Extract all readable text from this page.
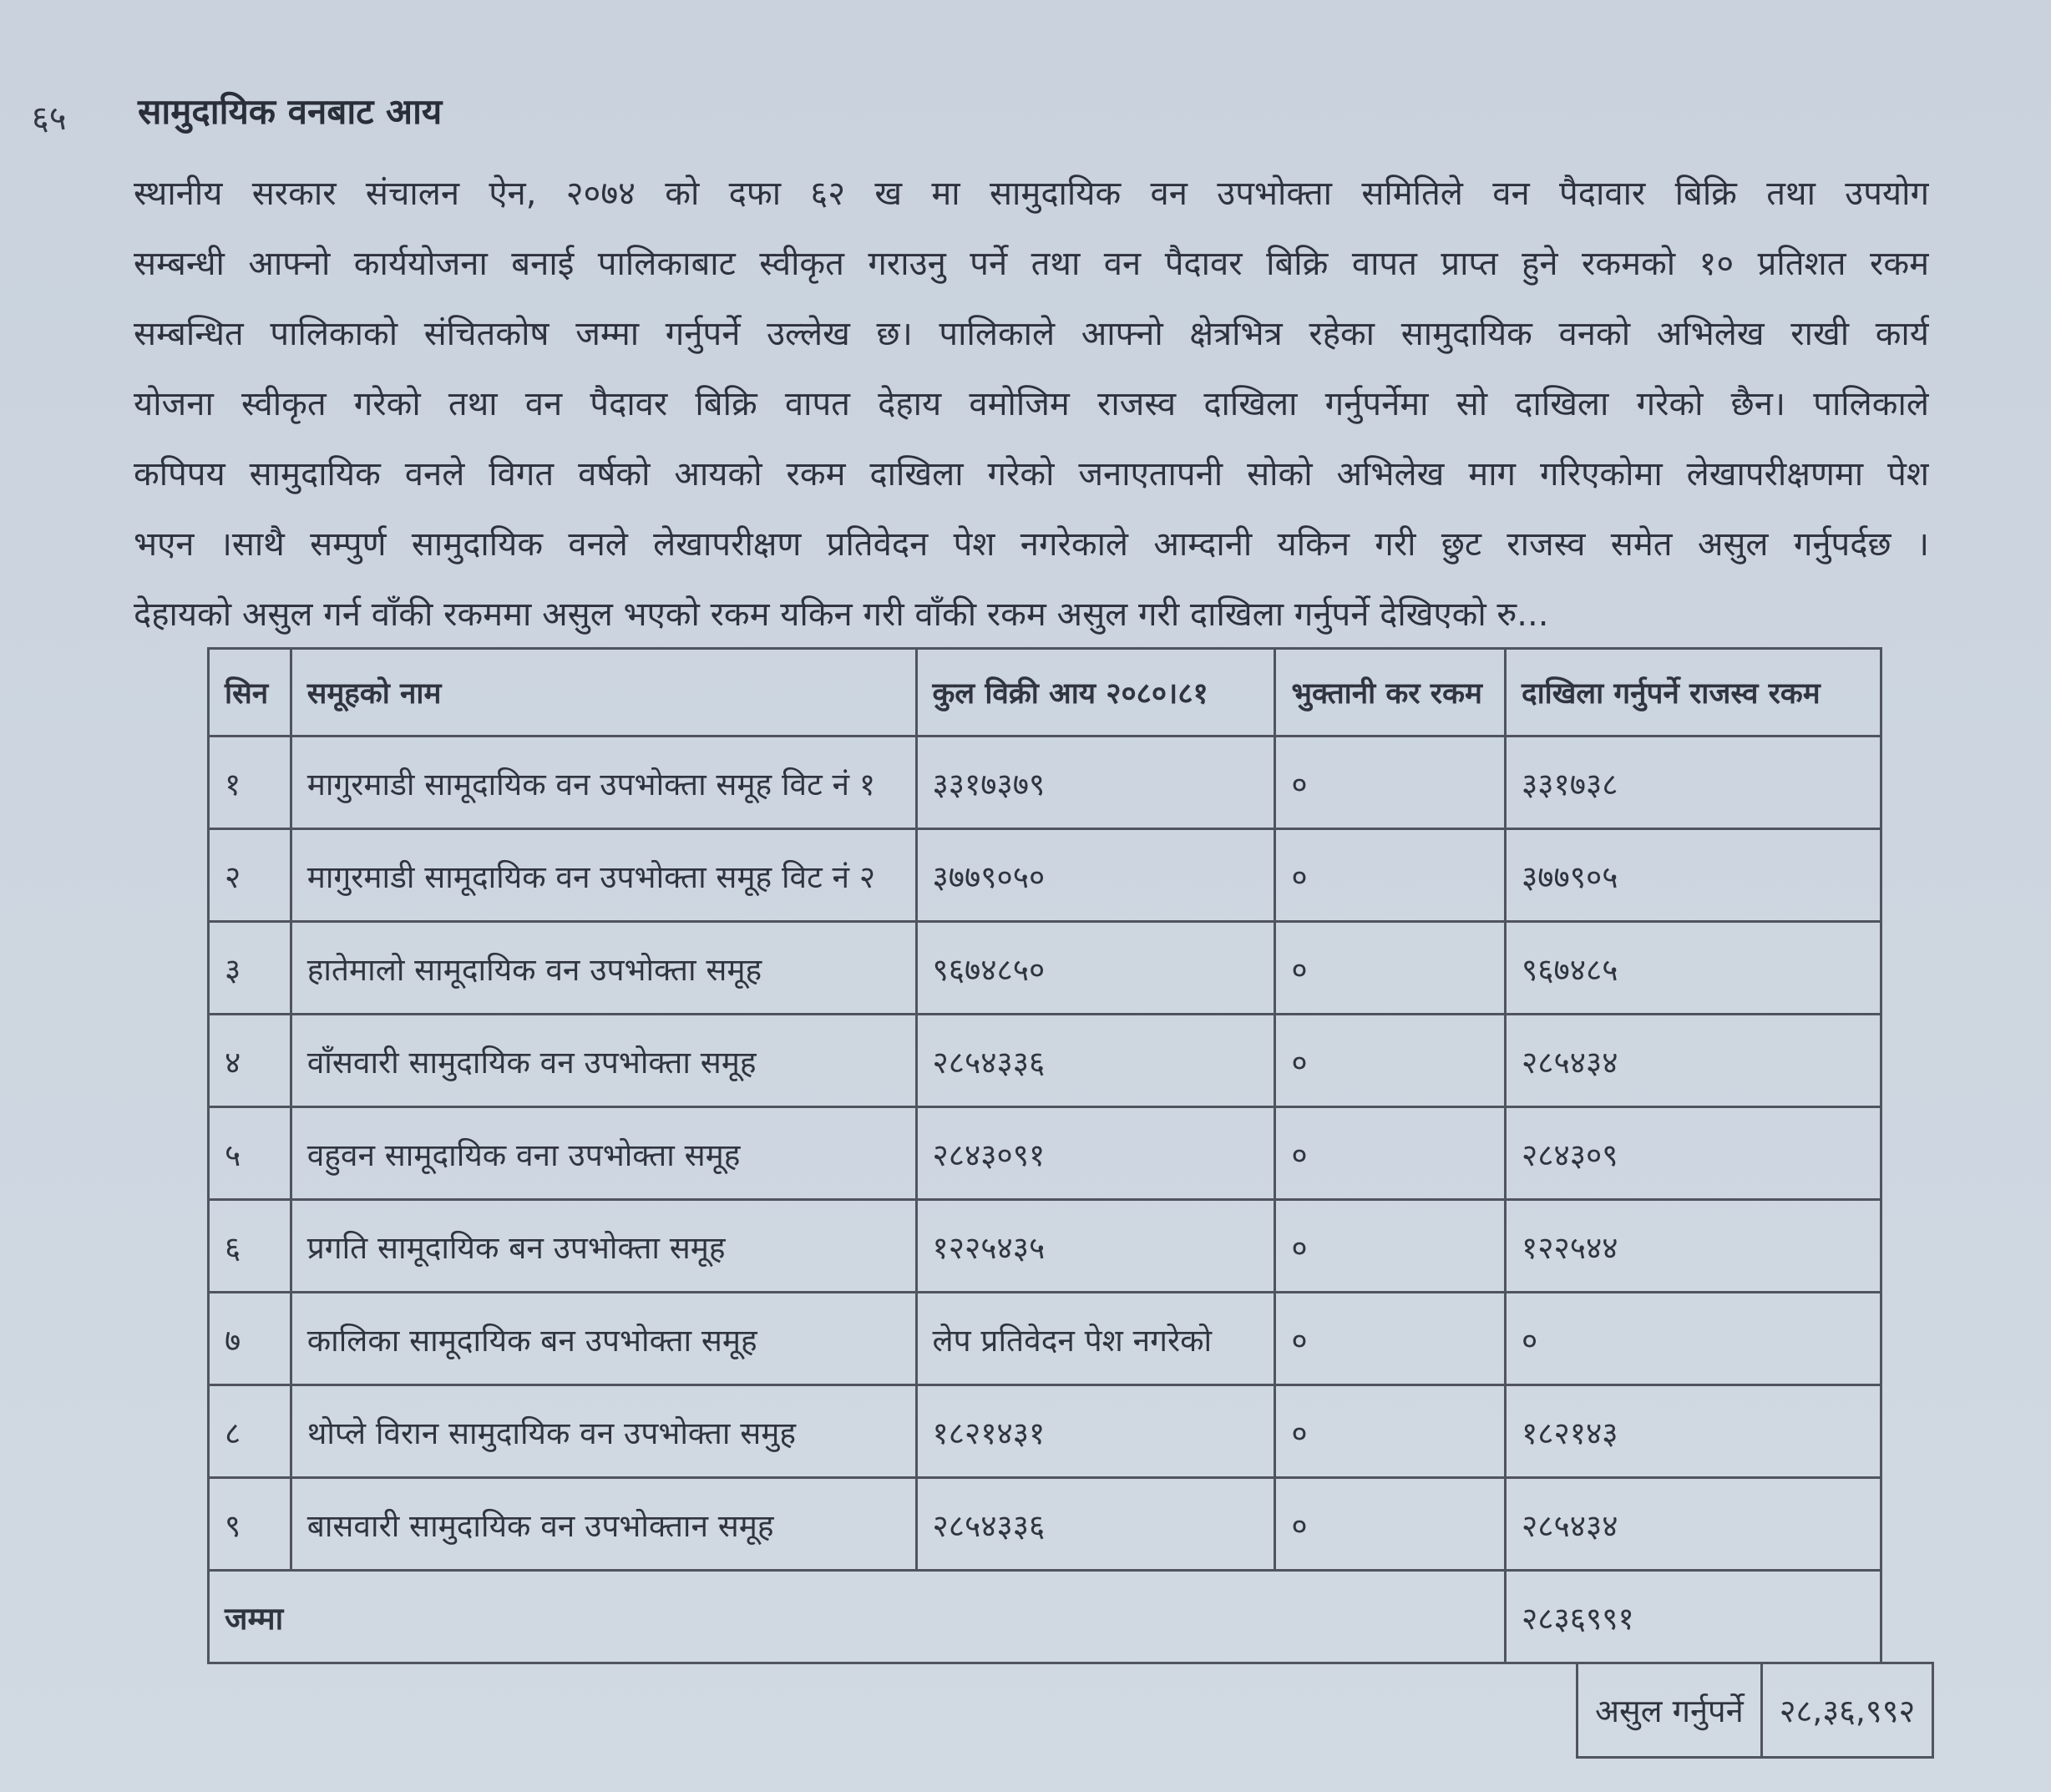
६५ सामुदायिक वनबाट आय
स्थानीय सरकार संचालन ऐन, २०७४ को दफा ६२ ख मा सामुदायिक वन उपभोक्ता समितिले वन पैदावार बिक्रि तथा उपयोग
सम्बन्धी आफ्नो कार्ययोजना बनाई पालिकाबाट स्वीकृत गराउनु पर्ने तथा वन पैदावर बिक्रि वापत प्राप्त हुने रकमको १० प्रतिशत रकम
सम्बन्धित पालिकाको संचितकोष जम्मा गर्नुपर्ने उल्लेख छ। पालिकाले आफ्नो क्षेत्रभित्र रहेका सामुदायिक वनको अभिलेख राखी कार्य
योजना स्वीकृत गरेको तथा वन पैदावर बिक्रि वापत देहाय वमोजिम राजस्व दाखिला गर्नुपर्नेमा सो दाखिला गरेको छैन। पालिकाले
कपिपय सामुदायिक वनले विगत वर्षको आयको रकम दाखिला गरेको जनाएतापनी सोको अभिलेख माग गरिएकोमा लेखापरीक्षणमा पेश
भएन ।साथै सम्पुर्ण सामुदायिक वनले लेखापरीक्षण प्रतिवेदन पेश नगरेकाले आम्दानी यकिन गरी छुट राजस्व समेत असुल गर्नुपर्दछ ।
देहायको असुल गर्न वाँकी रकममा असुल भएको रकम यकिन गरी वाँकी रकम असुल गरी दाखिला गर्नुपर्ने देखिएको रु...
सिन	समूहको नाम	कुल विक्री आय २०८०।८१	भुक्तानी कर रकम	दाखिला गर्नुपर्ने राजस्व रकम
१	मागुरमाडी सामूदायिक वन उपभोक्ता समूह विट नं १	३३१७३७९	०	३३१७३८
२	मागुरमाडी सामूदायिक वन उपभोक्ता समूह विट नं २	३७७९०५०	०	३७७९०५
३	हातेमालो सामूदायिक वन उपभोक्ता समूह	९६७४८५०	०	९६७४८५
४	वाँसवारी सामुदायिक वन उपभोक्ता समूह	२८५४३३६	०	२८५४३४
५	वहुवन सामूदायिक वना उपभोक्ता समूह	२८४३०९१	०	२८४३०९
६	प्रगति सामूदायिक बन उपभोक्ता समूह	१२२५४३५	०	१२२५४४
७	कालिका सामूदायिक बन उपभोक्ता समूह	लेप प्रतिवेदन पेश नगरेको	०	०
८	थोप्ले विरान सामुदायिक वन उपभोक्ता समुह	१८२१४३१	०	१८२१४३
९	बासवारी सामुदायिक वन उपभोक्तान समूह	२८५४३३६	०	२८५४३४
जम्मा				२८३६९९१
असुल गर्नुपर्ने	२८,३६,९९२
